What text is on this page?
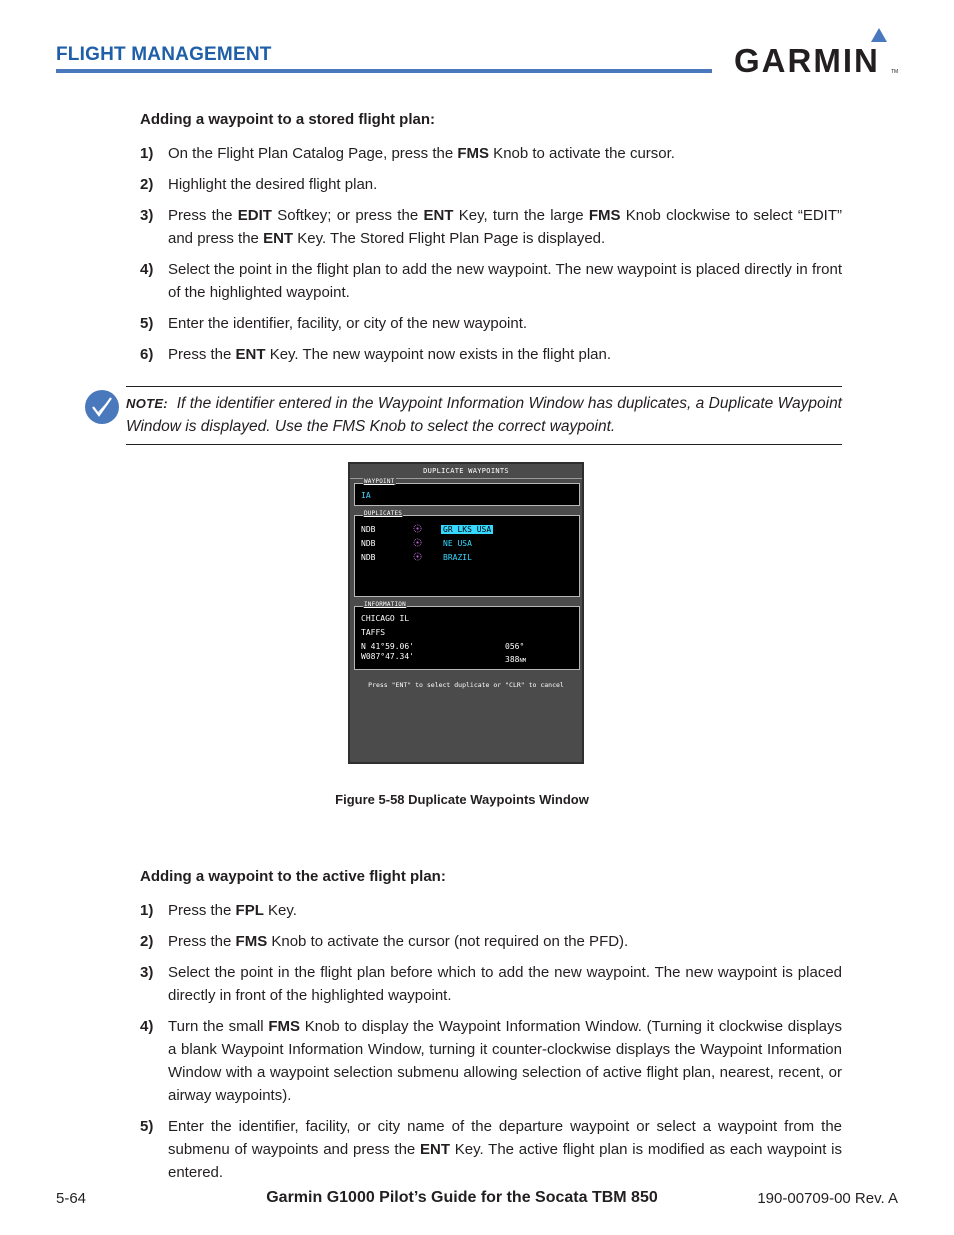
FLIGHT MANAGEMENT	GARMIN TM
Adding a waypoint to a stored flight plan:
1) On the Flight Plan Catalog Page, press the FMS Knob to activate the cursor.
2) Highlight the desired flight plan.
3) Press the EDIT Softkey; or press the ENT Key, turn the large FMS Knob clockwise to select “EDIT” and press the ENT Key. The Stored Flight Plan Page is displayed.
4) Select the point in the flight plan to add the new waypoint. The new waypoint is placed directly in front of the highlighted waypoint.
5) Enter the identifier, facility, or city of the new waypoint.
6) Press the ENT Key. The new waypoint now exists in the flight plan.
NOTE: If the identifier entered in the Waypoint Information Window has duplicates, a Duplicate Waypoint Window is displayed. Use the FMS Knob to select the correct waypoint.
DUPLICATE WAYPOINTS
WAYPOINT
IA
DUPLICATES
NDB	GR LKS USA
NDB	NE USA
NDB	BRAZIL
INFORMATION
CHICAGO IL
TAFFS
N 41°59.06'
W087°47.34'
056°
388NM
Press "ENT" to select duplicate or "CLR" to cancel
Figure 5-58 Duplicate Waypoints Window
Adding a waypoint to the active flight plan:
1) Press the FPL Key.
2) Press the FMS Knob to activate the cursor (not required on the PFD).
3) Select the point in the flight plan before which to add the new waypoint. The new waypoint is placed directly in front of the highlighted waypoint.
4) Turn the small FMS Knob to display the Waypoint Information Window. (Turning it clockwise displays a blank Waypoint Information Window, turning it counter-clockwise displays the Waypoint Information Window with a waypoint selection submenu allowing selection of active flight plan, nearest, recent, or airway waypoints).
5) Enter the identifier, facility, or city name of the departure waypoint or select a waypoint from the submenu of waypoints and press the ENT Key. The active flight plan is modified as each waypoint is entered.
5-64	Garmin G1000 Pilot’s Guide for the Socata TBM 850	190-00709-00 Rev. A
